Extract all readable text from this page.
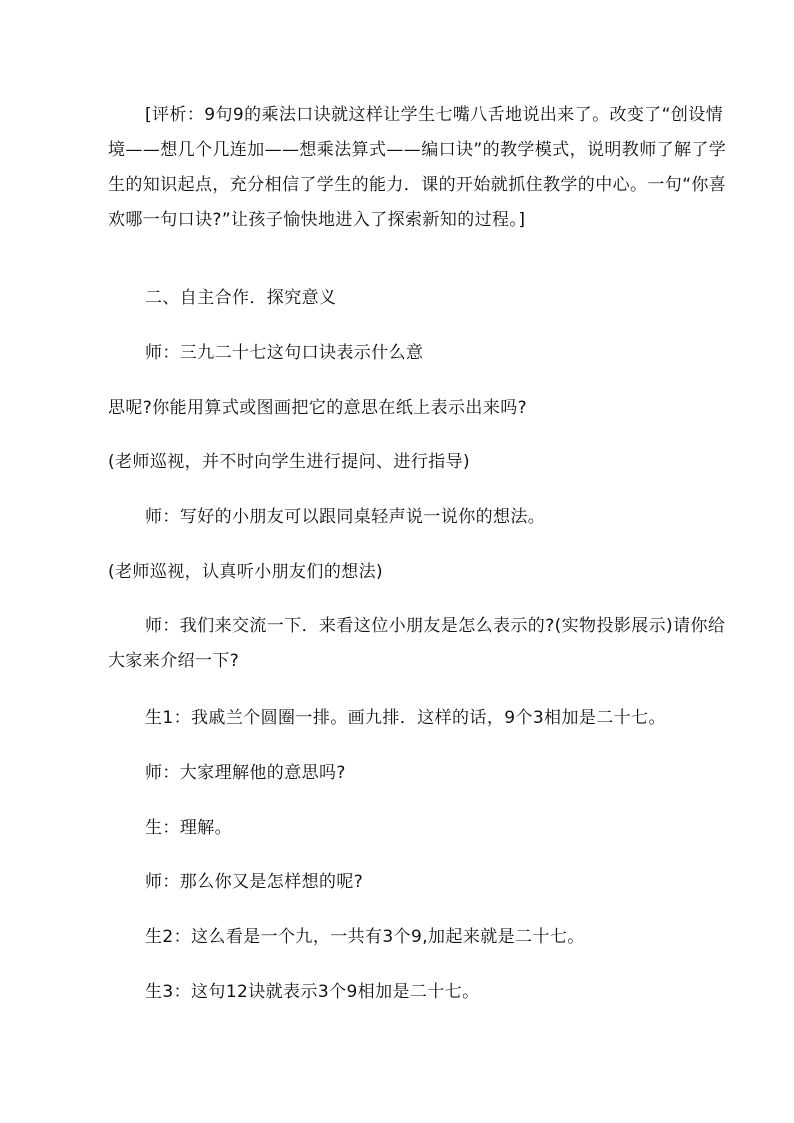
[评析：9句9的乘法口诀就这样让学生七嘴八舌地说出来了。改变了“创设情境——想几个几连加——想乘法算式——编口诀”的教学模式，说明教师了解了学生的知识起点，充分相信了学生的能力．课的开始就抓住教学的中心。一句“你喜欢哪一句口诀?”让孩子愉快地进入了探索新知的过程。]

二、自主合作．探究意义

师：三九二十七这句口诀表示什么意

思呢?你能用算式或图画把它的意思在纸上表示出来吗?

(老师巡视，并不时向学生进行提问、进行指导)

师：写好的小朋友可以跟同桌轻声说一说你的想法。

(老师巡视，认真听小朋友们的想法)

师：我们来交流一下．来看这位小朋友是怎么表示的?(实物投影展示)请你给大家来介绍一下?

生1：我戚兰个圆圈一排。画九排．这样的话，9个3相加是二十七。

师：大家理解他的意思吗?

生：理解。

师：那么你又是怎样想的呢?

生2：这么看是一个九，一共有3个9,加起来就是二十七。

生3：这句12诀就表示3个9相加是二十七。
